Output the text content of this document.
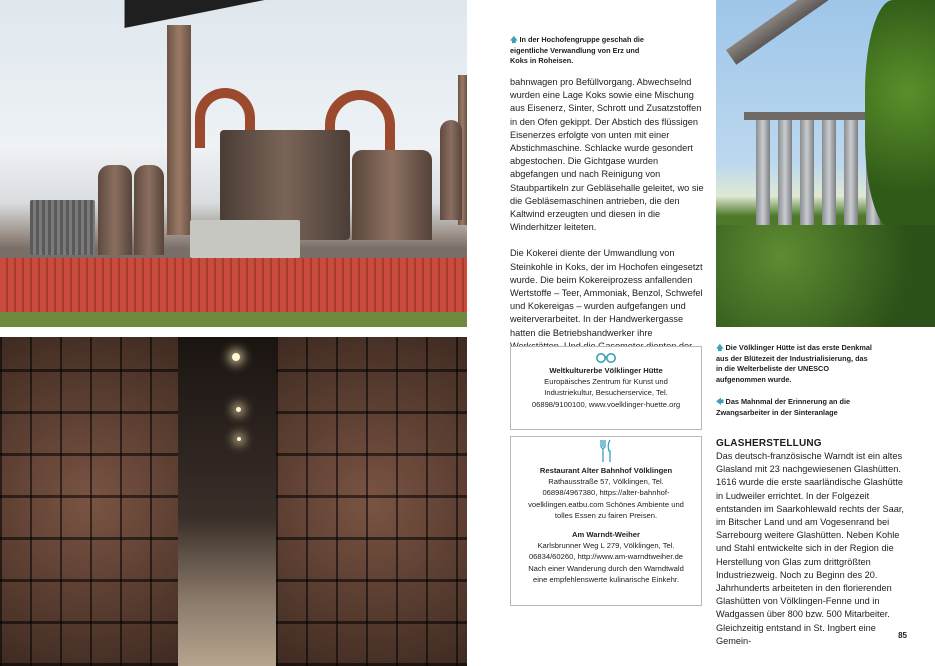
🡅 In der Hochofengruppe geschah die eigentliche Verwandlung von Erz und Koks in Roheisen.
🡅 Die Völklinger Hütte ist das erste Denkmal aus der Blütezeit der Industrialisierung, das in die Welterbeliste der UNESCO aufgenommen wurde.
🡄 Das Mahnmal der Erinnerung an die Zwangsarbeiter in der Sinteranlage

bahnwagen pro Befüllvorgang. Abwechselnd wurden eine Lage Koks sowie eine Mischung aus Eisenerz, Sinter, Schrott und Zusatzstoffen in den Ofen gekippt. Der Abstich des flüssigen Eisenerzes erfolgte von unten mit einer Abstichmaschine. Schlacke wurde gesondert abgestochen. Die Gichtgase wurden abgefangen und nach Reinigung von Staubpartikeln zur Gebläsehalle geleitet, wo sie die Gebläsemaschinen antrieben, die den Kaltwind erzeugten und diesen in die Winderhitzer leiteten.

Die Kokerei diente der Umwandlung von Steinkohle in Koks, der im Hochofen eingesetzt wurde. Die beim Kokereiprozess anfallenden Wertstoffe – Teer, Ammoniak, Benzol, Schwefel und Kokereigas – wurden aufgefangen und weiterverarbeitet. In der Handwerkergasse hatten die Betriebshandwerker ihre

Weltkulturerbe Völklinger Hütte
Europäisches Zentrum für Kunst und Industriekultur, Besucherservice, Tel. 06898/9100100, www.voelklinger-huette.org
Restaurant Alter Bahnhof Völklingen
Rathausstraße 57, Völklingen, Tel. 06898/4967380, https://alter-bahnhof-voelklingen.eatbu.com Schönes Ambiente und tolles Essen zu fairen Preisen.
Am Warndt-Weiher
Karlsbrunner Weg L 279, Völklingen, Tel. 06834/60260, http://www.am-warndtweiher.de Nach einer Wanderung durch den Warndtwald eine empfehlenswerte kulinarische Einkehr.
GLASHERSTELLUNG
Das deutsch-französische Warndt ist ein altes Glasland mit 23 nachgewiesenen Glashütten. 1616 wurde die erste saarländische Glashütte in Ludweiler errichtet. In der Folgezeit entstanden im Saarkohlewald rechts der Saar, im Bitscher Land und am Vogesenrand bei Sarrebourg weitere Glashütten. Neben Kohle und Stahl entwickelte sich in der Region die Herstellung von Glas zum drittgrößten Industriezweig. Noch zu Beginn des 20. Jahrhunderts arbeiteten in den florierenden Glashütten von Völklingen-Fenne und in Wadgassen über 800 bzw. 500 Mitarbeiter. Gleichzeitig entstand in St. Ingbert eine Gemein-
85
